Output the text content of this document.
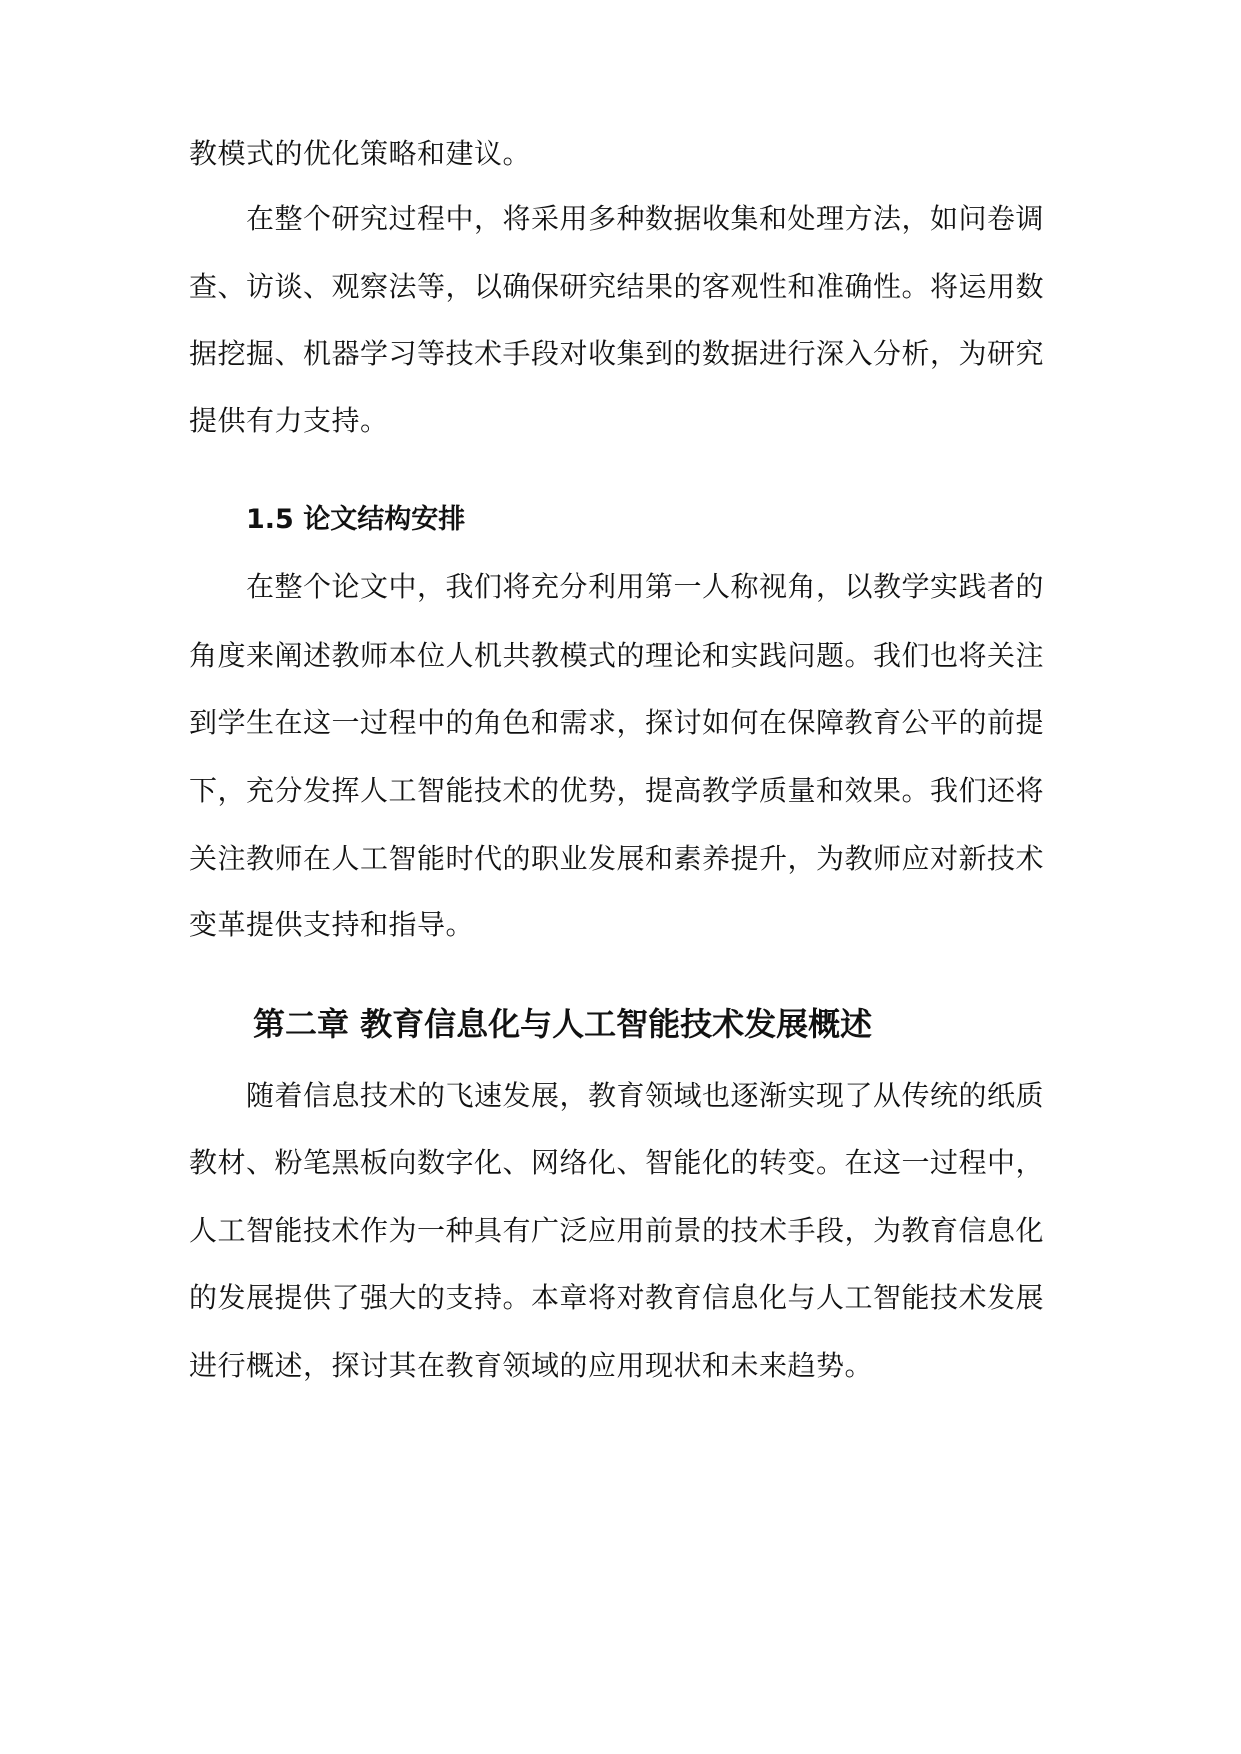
教模式的优化策略和建议。
在整个研究过程中，将采用多种数据收集和处理方法，如问卷调
查、访谈、观察法等，以确保研究结果的客观性和准确性。将运用数
据挖掘、机器学习等技术手段对收集到的数据进行深入分析，为研究
提供有力支持。
1.5 论文结构安排
在整个论文中，我们将充分利用第一人称视角，以教学实践者的
角度来阐述教师本位人机共教模式的理论和实践问题。我们也将关注
到学生在这一过程中的角色和需求，探讨如何在保障教育公平的前提
下，充分发挥人工智能技术的优势，提高教学质量和效果。我们还将
关注教师在人工智能时代的职业发展和素养提升，为教师应对新技术
变革提供支持和指导。
第二章 教育信息化与人工智能技术发展概述
随着信息技术的飞速发展，教育领域也逐渐实现了从传统的纸质
教材、粉笔黑板向数字化、网络化、智能化的转变。在这一过程中，
人工智能技术作为一种具有广泛应用前景的技术手段，为教育信息化
的发展提供了强大的支持。本章将对教育信息化与人工智能技术发展
进行概述，探讨其在教育领域的应用现状和未来趋势。
